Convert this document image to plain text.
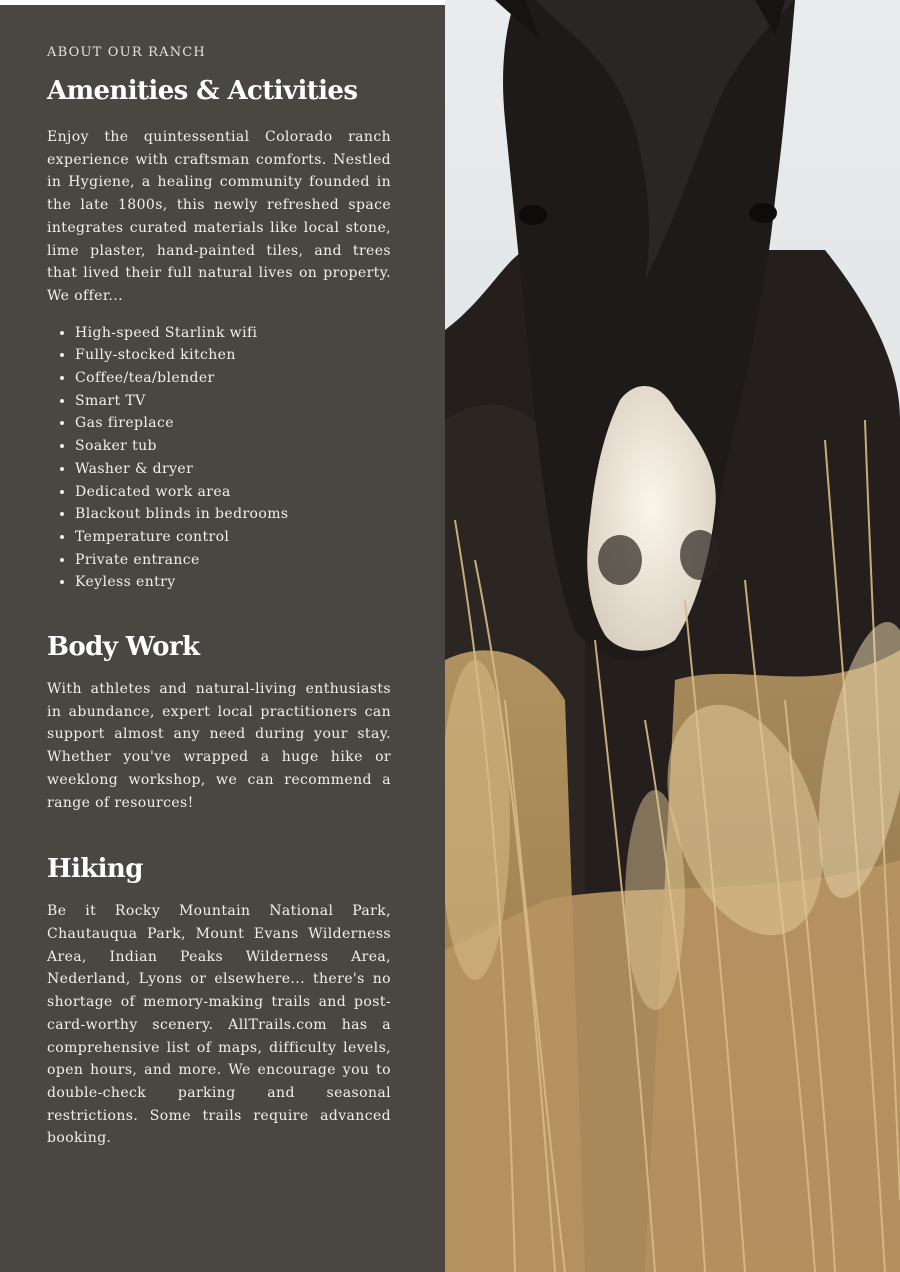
ABOUT OUR RANCH
Amenities & Activities

Enjoy the quintessential Colorado ranch experience with craftsman comforts. Nestled in Hygiene, a healing community founded in the late 1800s, this newly refreshed space integrates curated materials like local stone, lime plaster, hand-painted tiles, and trees that lived their full natural lives on property. We offer...

• High-speed Starlink wifi
• Fully-stocked kitchen
• Coffee/tea/blender
• Smart TV
• Gas fireplace
• Soaker tub
• Washer & dryer
• Dedicated work area
• Blackout blinds in bedrooms
• Temperature control
• Private entrance
• Keyless entry
Body Work

With athletes and natural-living enthusiasts in abundance, expert local practitioners can support almost any need during your stay. Whether you've wrapped a huge hike or weeklong workshop, we can recommend a range of resources!

Hiking

Be it Rocky Mountain National Park, Chautauqua Park, Mount Evans Wilderness Area, Indian Peaks Wilderness Area, Nederland, Lyons or elsewhere... there's no shortage of memory-making trails and post-card-worthy scenery. AllTrails.com has a comprehensive list of maps, difficulty levels, open hours, and more. We encourage you to double-check parking and seasonal restrictions. Some trails require advanced booking.
